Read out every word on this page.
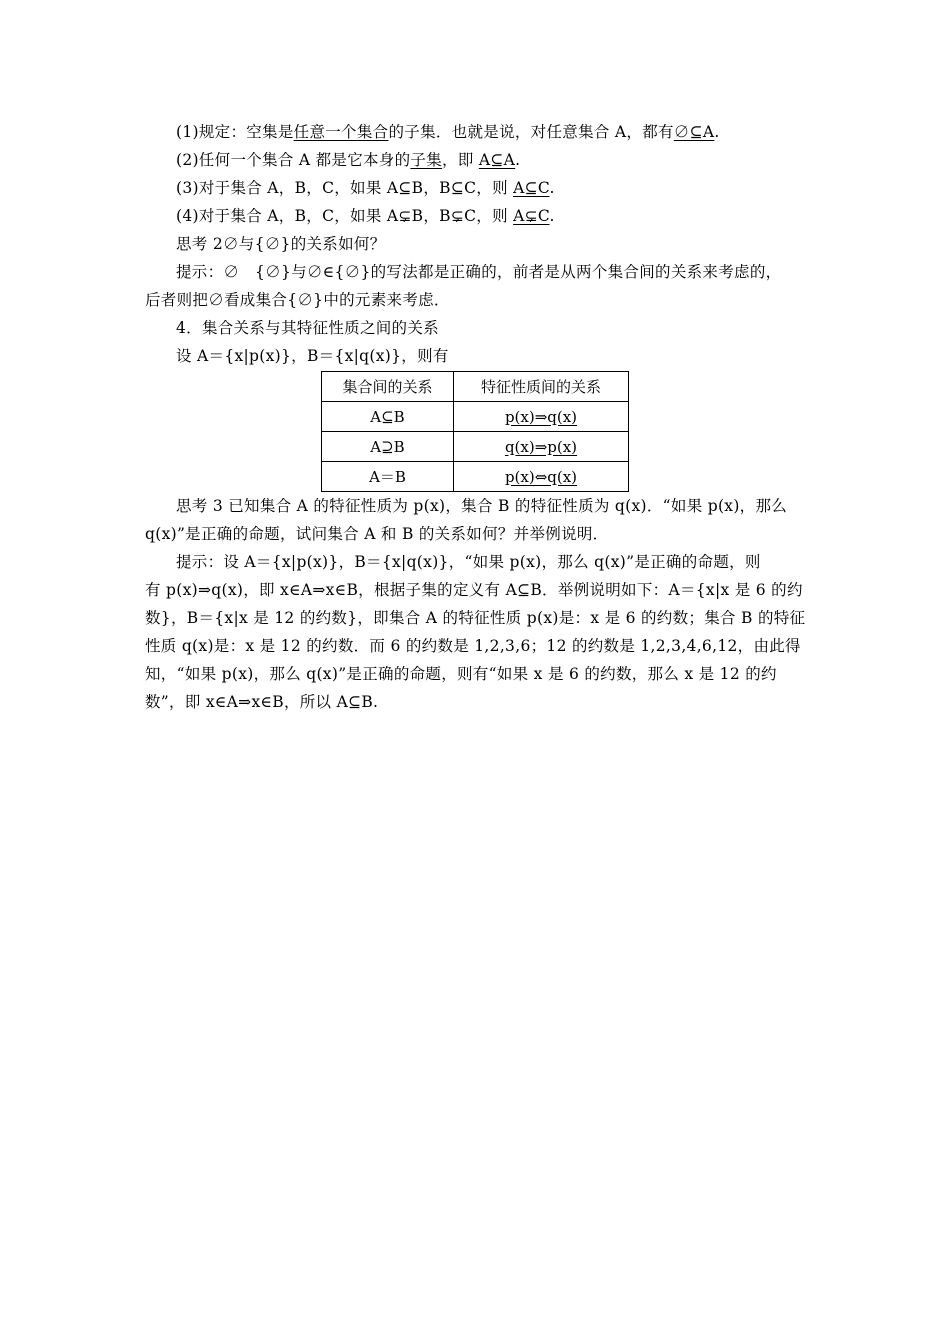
(1)规定：空集是任意一个集合的子集．也就是说，对任意集合 A，都有∅⊆A.
(2)任何一个集合 A 都是它本身的子集，即 A⊆A.
(3)对于集合 A，B，C，如果 A⊆B，B⊆C，则 A⊆C.
(4)对于集合 A，B，C，如果 A⊊B，B⊊C，则 A⊊C.
思考 2∅与{∅}的关系如何？
提示：∅　{∅}与∅∈{∅}的写法都是正确的，前者是从两个集合间的关系来考虑的，
后者则把∅看成集合{∅}中的元素来考虑．
4．集合关系与其特征性质之间的关系
设 A＝{x|p(x)}，B＝{x|q(x)}，则有
集合间的关系	特征性质间的关系
A⊆B	p(x)⇒q(x)
A⊇B	q(x)⇒p(x)
A＝B	p(x)⇔q(x)
思考 3 已知集合 A 的特征性质为 p(x)，集合 B 的特征性质为 q(x)．“如果 p(x)，那么
q(x)”是正确的命题，试问集合 A 和 B 的关系如何？并举例说明．
提示：设 A＝{x|p(x)}，B＝{x|q(x)}，“如果 p(x)，那么 q(x)”是正确的命题，则
有 p(x)⇒q(x)，即 x∈A⇒x∈B，根据子集的定义有 A⊆B．举例说明如下：A＝{x|x 是 6 的约
数}，B＝{x|x 是 12 的约数}，即集合 A 的特征性质 p(x)是：x 是 6 的约数；集合 B 的特征
性质 q(x)是：x 是 12 的约数．而 6 的约数是 1,2,3,6；12 的约数是 1,2,3,4,6,12，由此得
知，“如果 p(x)，那么 q(x)”是正确的命题，则有“如果 x 是 6 的约数，那么 x 是 12 的约
数”，即 x∈A⇒x∈B，所以 A⊆B.
